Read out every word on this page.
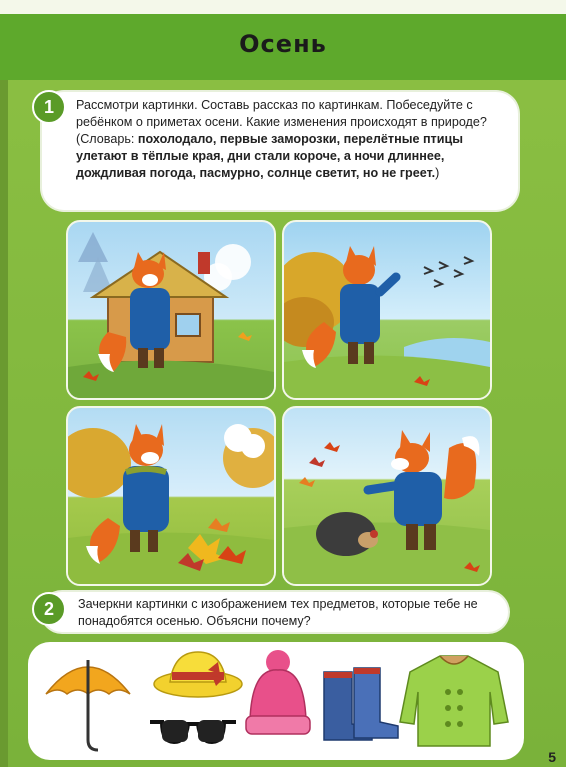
Осень
1	Рассмотри картинки. Составь рассказ по картинкам. Побеседуйте с ребёнком о приметах осени. Какие изменения происходят в природе? (Словарь: похолодало, первые заморозки, перелётные птицы улетают в тёплые края, дни стали короче, а ночи длиннее, дождливая погода, пасмурно, солнце светит, но не греет.)
2	Зачеркни картинки с изображением тех предметов, которые тебе не понадобятся осенью. Объясни почему?
5
